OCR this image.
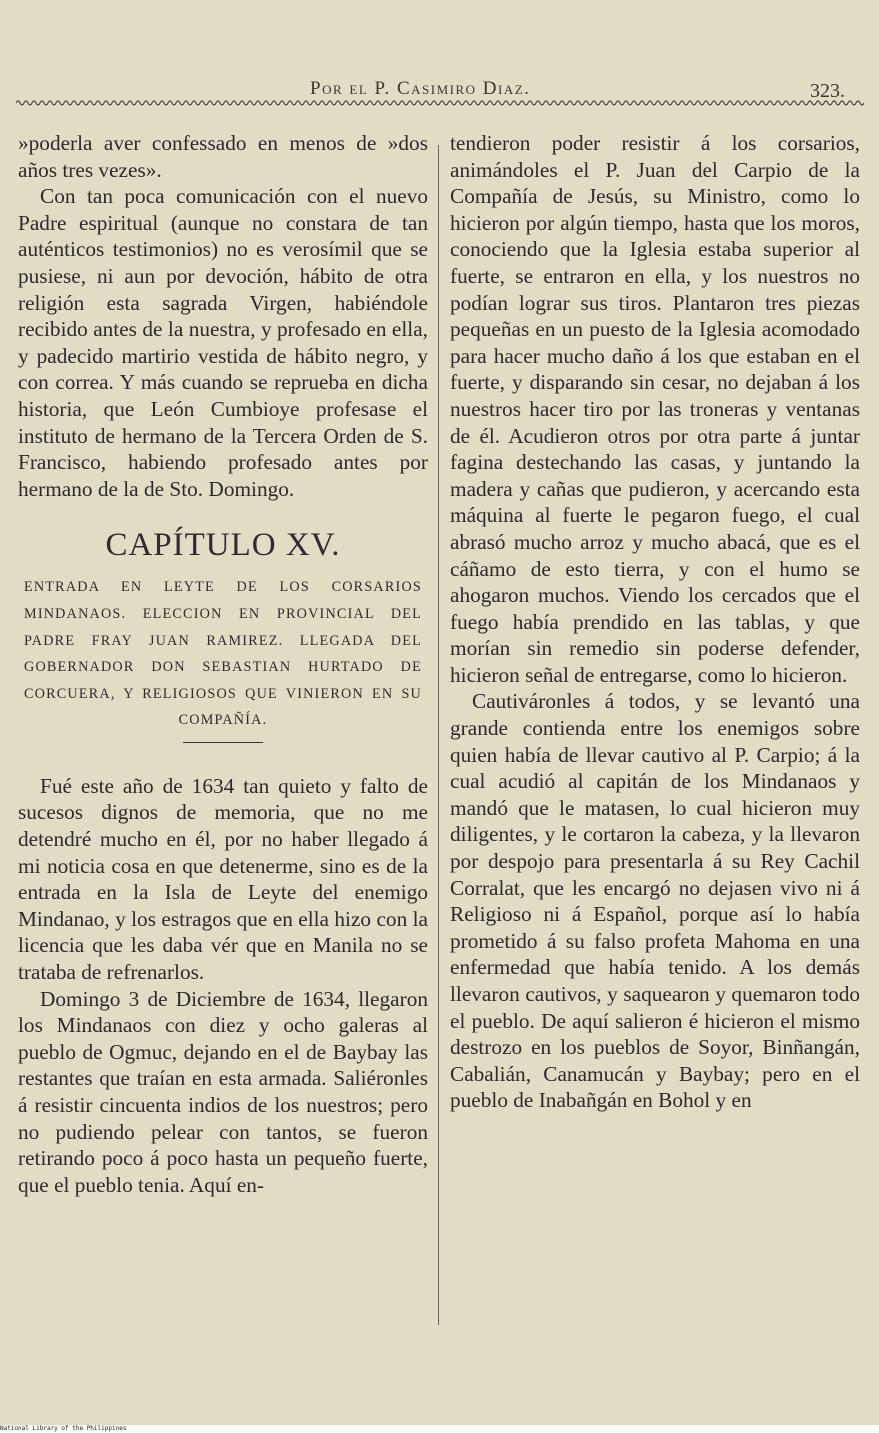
Por el P. Casimiro Diaz.	323.

»poderla aver confessado en menos de »dos años tres vezes».

Con tan poca comunicación con el nuevo Padre espiritual (aunque no constara de tan auténticos testimonios) no es verosímil que se pusiese, ni aun por devoción, hábito de otra religión esta sagrada Virgen, habiéndole recibido antes de la nuestra, y profesado en ella, y padecido martirio vestida de hábito negro, y con correa. Y más cuando se reprueba en dicha historia, que León Cumbioye profesase el instituto de hermano de la Tercera Orden de S. Francisco, habiendo profesado antes por hermano de la de Sto. Domingo.

CAPÍTULO XV.
ENTRADA EN LEYTE DE LOS CORSARIOS MINDANAOS. ELECCION EN PROVINCIAL DEL PADRE FRAY JUAN RAMIREZ. LLEGADA DEL GOBERNADOR DON SEBASTIAN HURTADO DE CORCUERA, Y RELIGIOSOS QUE VINIERON EN SU COMPAÑÍA.

Fué este año de 1634 tan quieto y falto de sucesos dignos de memoria, que no me detendré mucho en él, por no haber llegado á mi noticia cosa en que detenerme, sino es de la entrada en la Isla de Leyte del enemigo Mindanao, y los estragos que en ella hizo con la licencia que les daba vér que en Manila no se trataba de refrenarlos.

Domingo 3 de Diciembre de 1634, llegaron los Mindanaos con diez y ocho galeras al pueblo de Ogmuc, dejando en el de Baybay las restantes que traían en esta armada. Saliéronles á resistir cincuenta indios de los nuestros; pero no pudiendo pelear con tantos, se fueron retirando poco á poco hasta un pequeño fuerte, que el pueblo tenia. Aquí en-

tendieron poder resistir á los corsarios, animándoles el P. Juan del Carpio de la Compañía de Jesús, su Ministro, como lo hicieron por algún tiempo, hasta que los moros, conociendo que la Iglesia estaba superior al fuerte, se entraron en ella, y los nuestros no podían lograr sus tiros. Plantaron tres piezas pequeñas en un puesto de la Iglesia acomodado para hacer mucho daño á los que estaban en el fuerte, y disparando sin cesar, no dejaban á los nuestros hacer tiro por las troneras y ventanas de él. Acudieron otros por otra parte á juntar fagina destechando las casas, y juntando la madera y cañas que pudieron, y acercando esta máquina al fuerte le pegaron fuego, el cual abrasó mucho arroz y mucho abacá, que es el cáñamo de esto tierra, y con el humo se ahogaron muchos. Viendo los cercados que el fuego había prendido en las tablas, y que morían sin remedio sin poderse defender, hicieron señal de entregarse, como lo hicieron.

Cautiváronles á todos, y se levantó una grande contienda entre los enemigos sobre quien había de llevar cautivo al P. Carpio; á la cual acudió al capitán de los Mindanaos y mandó que le matasen, lo cual hicieron muy diligentes, y le cortaron la cabeza, y la llevaron por despojo para presentarla á su Rey Cachil Corralat, que les encargó no dejasen vivo ni á Religioso ni á Español, porque así lo había prometido á su falso profeta Mahoma en una enfermedad que había tenido. A los demás llevaron cautivos, y saquearon y quemaron todo el pueblo. De aquí salieron é hicieron el mismo destrozo en los pueblos de Soyor, Binñangán, Cabalián, Canamucán y Baybay; pero en el pueblo de Inabañgán en Bohol y en

National Library of the Philippines
